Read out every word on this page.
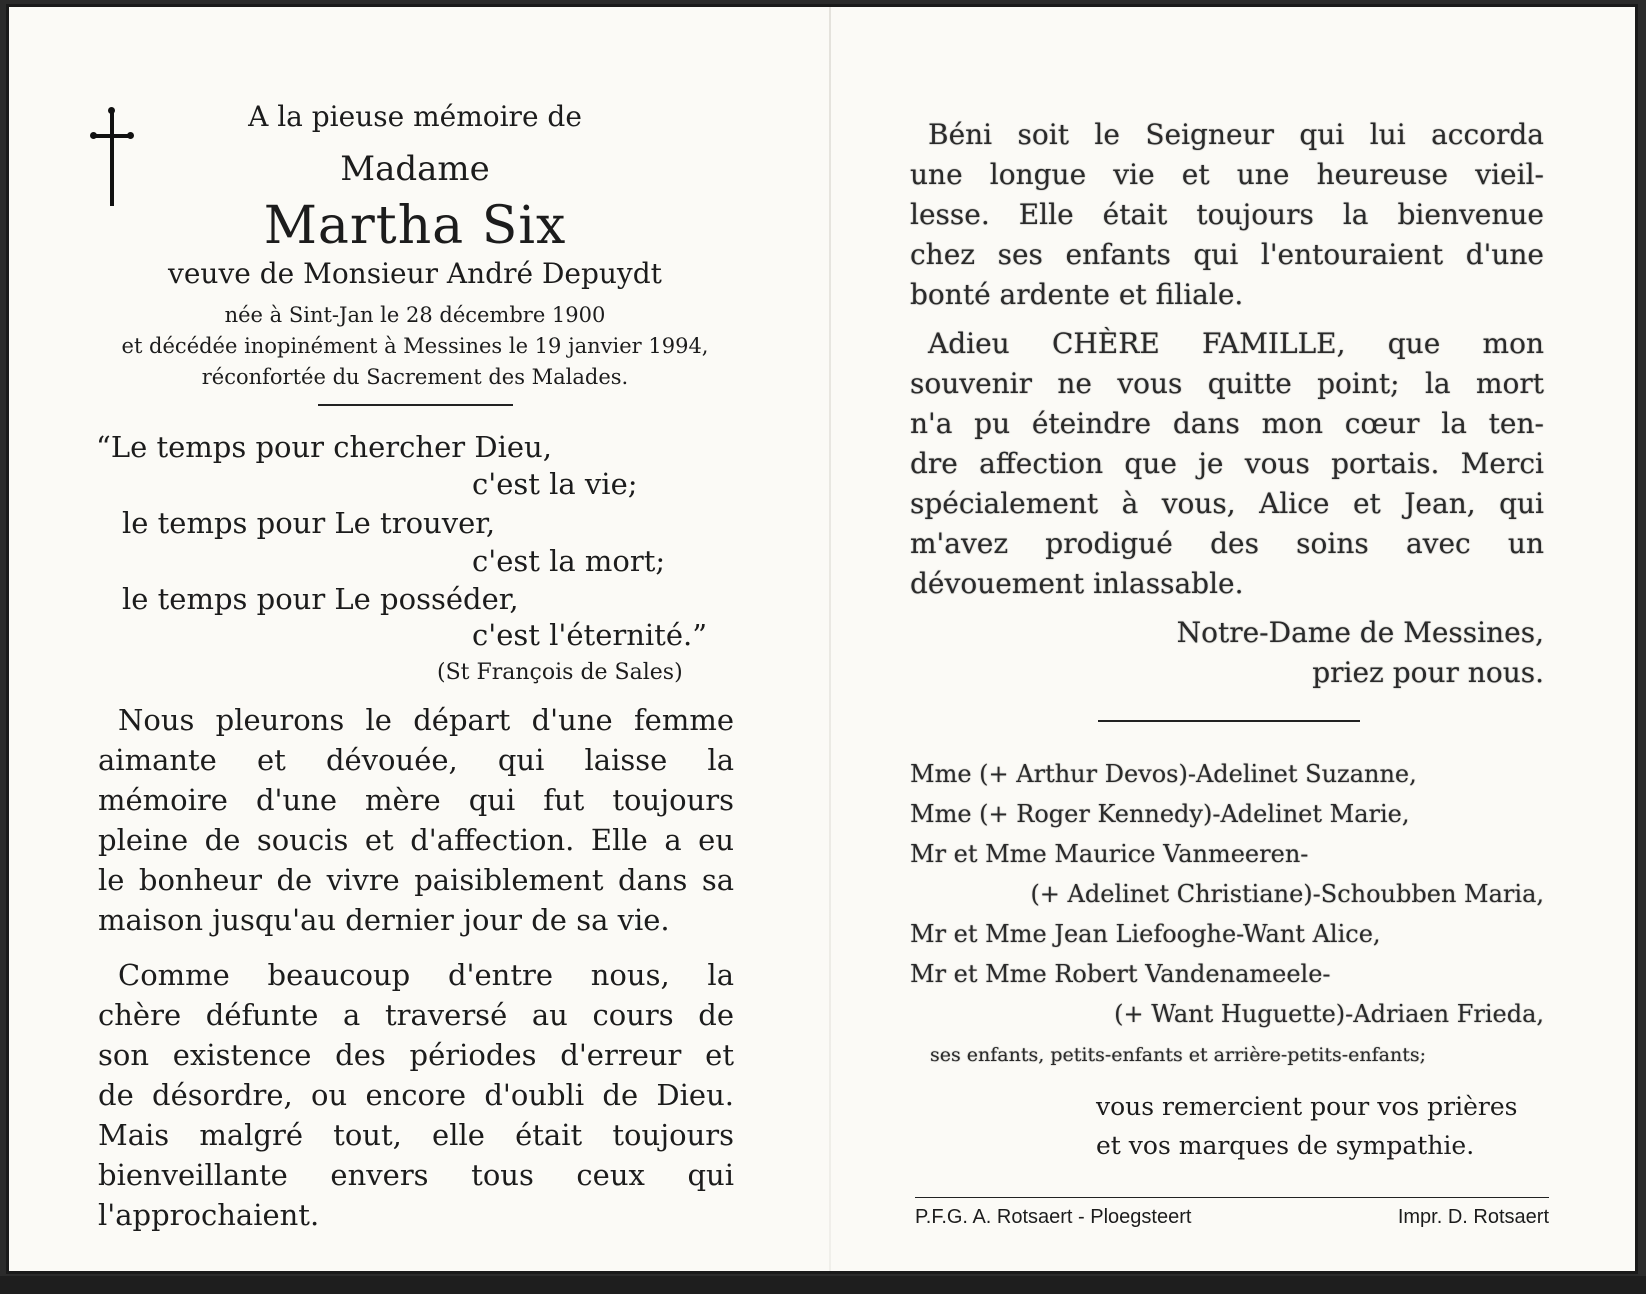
A la pieuse mémoire de
Madame
Martha Six
veuve de Monsieur André Depuydt
née à Sint-Jan le 28 décembre 1900
et décédée inopinément à Messines le 19 janvier 1994,
réconfortée du Sacrement des Malades.
“Le temps pour chercher Dieu,
c'est la vie;
le temps pour Le trouver,
c'est la mort;
le temps pour Le posséder,
c'est l'éternité.”
(St François de Sales)
Nous pleurons le départ d'une femme
aimante et dévouée, qui laisse la
mémoire d'une mère qui fut toujours
pleine de soucis et d'affection. Elle a eu
le bonheur de vivre paisiblement dans sa
maison jusqu'au dernier jour de sa vie.
Comme beaucoup d'entre nous, la
chère défunte a traversé au cours de
son existence des périodes d'erreur et
de désordre, ou encore d'oubli de Dieu.
Mais malgré tout, elle était toujours
bienveillante envers tous ceux qui
l'approchaient.
Béni soit le Seigneur qui lui accorda
une longue vie et une heureuse vieil-
lesse. Elle était toujours la bienvenue
chez ses enfants qui l'entouraient d'une
bonté ardente et filiale.
Adieu CHÈRE FAMILLE, que mon
souvenir ne vous quitte point; la mort
n'a pu éteindre dans mon cœur la ten-
dre affection que je vous portais. Merci
spécialement à vous, Alice et Jean, qui
m'avez prodigué des soins avec un
dévouement inlassable.
Notre-Dame de Messines,
priez pour nous.
Mme (+ Arthur Devos)-Adelinet Suzanne,
Mme (+ Roger Kennedy)-Adelinet Marie,
Mr et Mme Maurice Vanmeeren-
(+ Adelinet Christiane)-Schoubben Maria,
Mr et Mme Jean Liefooghe-Want Alice,
Mr et Mme Robert Vandenameele-
(+ Want Huguette)-Adriaen Frieda,
ses enfants, petits-enfants et arrière-petits-enfants;
vous remercient pour vos prières
et vos marques de sympathie.
P.F.G. A. Rotsaert - Ploegsteert	Impr. D. Rotsaert
